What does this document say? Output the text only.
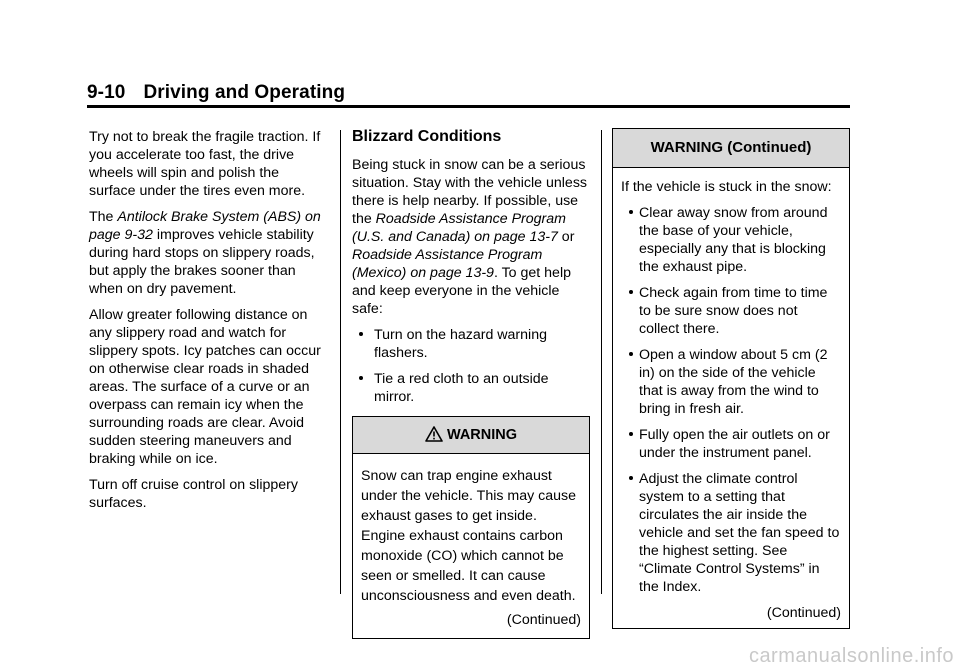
9-10 Driving and Operating

Try not to break the fragile traction. If you accelerate too fast, the drive wheels will spin and polish the surface under the tires even more.

The Antilock Brake System (ABS) on page 9-32 improves vehicle stability during hard stops on slippery roads, but apply the brakes sooner than when on dry pavement.

Allow greater following distance on any slippery road and watch for slippery spots. Icy patches can occur on otherwise clear roads in shaded areas. The surface of a curve or an overpass can remain icy when the surrounding roads are clear. Avoid sudden steering maneuvers and braking while on ice.

Turn off cruise control on slippery surfaces.

Blizzard Conditions

Being stuck in snow can be a serious situation. Stay with the vehicle unless there is help nearby. If possible, use the Roadside Assistance Program (U.S. and Canada) on page 13-7 or Roadside Assistance Program (Mexico) on page 13-9. To get help and keep everyone in the vehicle safe:

Turn on the hazard warning flashers.
Tie a red cloth to an outside mirror.
WARNING

Snow can trap engine exhaust under the vehicle. This may cause exhaust gases to get inside. Engine exhaust contains carbon monoxide (CO) which cannot be seen or smelled. It can cause unconsciousness and even death.

(Continued)
WARNING (Continued)

If the vehicle is stuck in the snow:

Clear away snow from around the base of your vehicle, especially any that is blocking the exhaust pipe.
Check again from time to time to be sure snow does not collect there.
Open a window about 5 cm (2 in) on the side of the vehicle that is away from the wind to bring in fresh air.
Fully open the air outlets on or under the instrument panel.
Adjust the climate control system to a setting that circulates the air inside the vehicle and set the fan speed to the highest setting. See “Climate Control Systems” in the Index.
(Continued)
carmanualsonline.info
